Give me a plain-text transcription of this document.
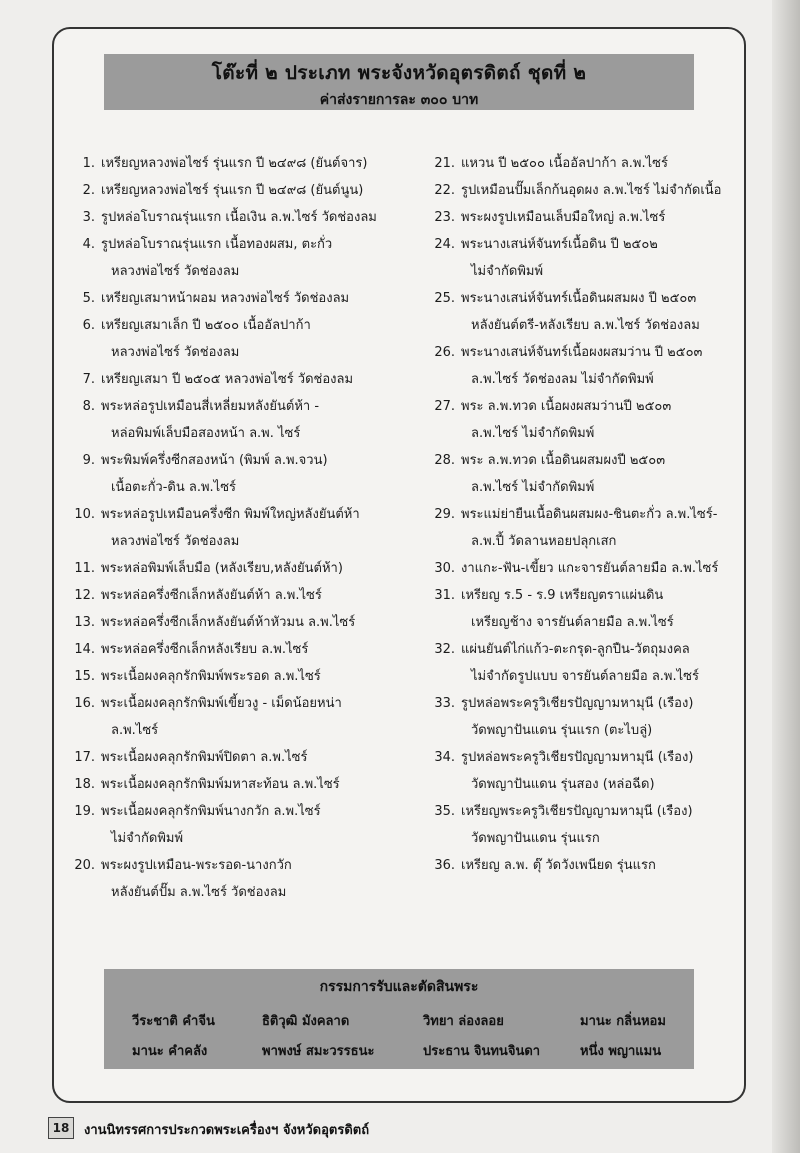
โต๊ะที่ ๒ ประเภท พระจังหวัดอุตรดิตถ์ ชุดที่ ๒
ค่าส่งรายการละ ๓๐๐ บาท
1. เหรียญหลวงพ่อไซร์ รุ่นแรก ปี ๒๔๙๘ (ยันต์จาร)
2. เหรียญหลวงพ่อไซร์ รุ่นแรก ปี ๒๔๙๘ (ยันต์นูน)
3. รูปหล่อโบราณรุ่นแรก เนื้อเงิน ล.พ.ไซร์ วัดช่องลม
4. รูปหล่อโบราณรุ่นแรก เนื้อทองผสม, ตะกั่ว
หลวงพ่อไซร์ วัดช่องลม
5. เหรียญเสมาหน้าผอม หลวงพ่อไซร์ วัดช่องลม
6. เหรียญเสมาเล็ก ปี ๒๕๐๐ เนื้ออัลปาก้า
หลวงพ่อไซร์ วัดช่องลม
7. เหรียญเสมา ปี ๒๕๐๕ หลวงพ่อไซร์ วัดช่องลม
8. พระหล่อรูปเหมือนสี่เหลี่ยมหลังยันต์ห้า -
หล่อพิมพ์เล็บมือสองหน้า ล.พ. ไซร์
9. พระพิมพ์ครึ่งซีกสองหน้า (พิมพ์ ล.พ.จวน)
เนื้อตะกั่ว-ดิน ล.พ.ไซร์
10. พระหล่อรูปเหมือนครึ่งซีก พิมพ์ใหญ่หลังยันต์ห้า
หลวงพ่อไซร์ วัดช่องลม
11. พระหล่อพิมพ์เล็บมือ (หลังเรียบ,หลังยันต์ห้า)
12. พระหล่อครึ่งซีกเล็กหลังยันต์ห้า ล.พ.ไซร์
13. พระหล่อครึ่งซีกเล็กหลังยันต์ห้าหัวมน ล.พ.ไซร์
14. พระหล่อครึ่งซีกเล็กหลังเรียบ ล.พ.ไซร์
15. พระเนื้อผงคลุกรักพิมพ์พระรอด ล.พ.ไซร์
16. พระเนื้อผงคลุกรักพิมพ์เขี้ยวงู - เม็ดน้อยหน่า
ล.พ.ไซร์
17. พระเนื้อผงคลุกรักพิมพ์ปิดตา ล.พ.ไซร์
18. พระเนื้อผงคลุกรักพิมพ์มหาสะท้อน ล.พ.ไซร์
19. พระเนื้อผงคลุกรักพิมพ์นางกวัก ล.พ.ไซร์
ไม่จำกัดพิมพ์
20. พระผงรูปเหมือน-พระรอด-นางกวัก
หลังยันต์ปั๊ม ล.พ.ไซร์ วัดช่องลม
21. แหวน ปี ๒๕๐๐ เนื้ออัลปาก้า ล.พ.ไซร์
22. รูปเหมือนปั๊มเล็กก้นอุดผง ล.พ.ไซร์ ไม่จำกัดเนื้อ
23. พระผงรูปเหมือนเล็บมือใหญ่ ล.พ.ไซร์
24. พระนางเสน่ห์จันทร์เนื้อดิน ปี ๒๕๐๒
ไม่จำกัดพิมพ์
25. พระนางเสน่ห์จันทร์เนื้อดินผสมผง ปี ๒๕๐๓
หลังยันต์ตรี-หลังเรียบ ล.พ.ไซร์ วัดช่องลม
26. พระนางเสน่ห์จันทร์เนื้อผงผสมว่าน ปี ๒๕๐๓
ล.พ.ไซร์ วัดช่องลม ไม่จำกัดพิมพ์
27. พระ ล.พ.ทวด เนื้อผงผสมว่านปี ๒๕๐๓
ล.พ.ไซร์ ไม่จำกัดพิมพ์
28. พระ ล.พ.ทวด เนื้อดินผสมผงปี ๒๕๐๓
ล.พ.ไซร์ ไม่จำกัดพิมพ์
29. พระแม่ย่ายืนเนื้อดินผสมผง-ชินตะกั่ว ล.พ.ไซร์-
ล.พ.ปี้ วัดลานหอยปลุกเสก
30. งาแกะ-ฟัน-เขี้ยว แกะจารยันต์ลายมือ ล.พ.ไซร์
31. เหรียญ ร.5 - ร.9 เหรียญตราแผ่นดิน
เหรียญช้าง จารยันต์ลายมือ ล.พ.ไซร์
32. แผ่นยันต์ไก่แก้ว-ตะกรุด-ลูกปืน-วัตถุมงคล
ไม่จำกัดรูปแบบ จารยันต์ลายมือ ล.พ.ไซร์
33. รูปหล่อพระครูวิเชียรปัญญามหามุนี (เรือง)
วัดพญาปันแดน รุ่นแรก (ตะไบลู่)
34. รูปหล่อพระครูวิเชียรปัญญามหามุนี (เรือง)
วัดพญาปันแดน รุ่นสอง (หล่อฉีด)
35. เหรียญพระครูวิเชียรปัญญามหามุนี (เรือง)
วัดพญาปันแดน รุ่นแรก
36. เหรียญ ล.พ. ตุ๊ วัดวังเพนียด รุ่นแรก
กรรมการรับและตัดสินพระ
วีระชาติ คำจีน	ธิติวุฒิ มังคลาด	วิทยา ล่องลอย	มานะ กลิ่นหอม
มานะ คำคลัง	พาพงษ์ สมะวรรธนะ	ประธาน จินทนจินดา	หนึ่ง พญาแมน
18	งานนิทรรศการประกวดพระเครื่องฯ จังหวัดอุตรดิตถ์
